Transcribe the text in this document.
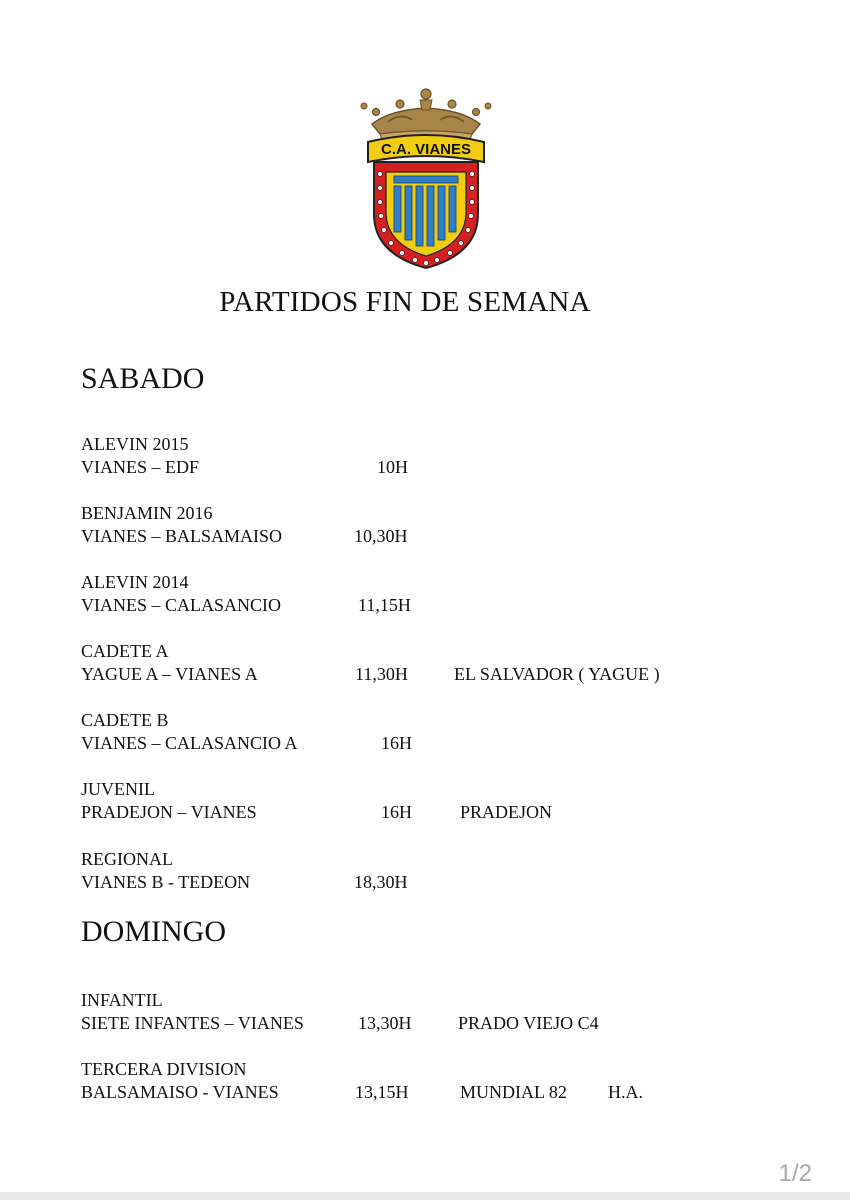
C.A. VIANES
PARTIDOS FIN DE SEMANA
SABADO
ALEVIN 2015
VIANES – EDF	10H
BENJAMIN 2016
VIANES – BALSAMAISO	10,30H
ALEVIN 2014
VIANES – CALASANCIO	11,15H
CADETE A
YAGUE A – VIANES A	11,30H	EL SALVADOR ( YAGUE )
CADETE B
VIANES – CALASANCIO A	16H
JUVENIL
PRADEJON – VIANES	16H	PRADEJON
REGIONAL
VIANES B - TEDEON	18,30H
DOMINGO
INFANTIL
SIETE INFANTES – VIANES	13,30H	PRADO VIEJO C4
TERCERA DIVISION
BALSAMAISO - VIANES	13,15H	MUNDIAL 82 H.A.
1/2
